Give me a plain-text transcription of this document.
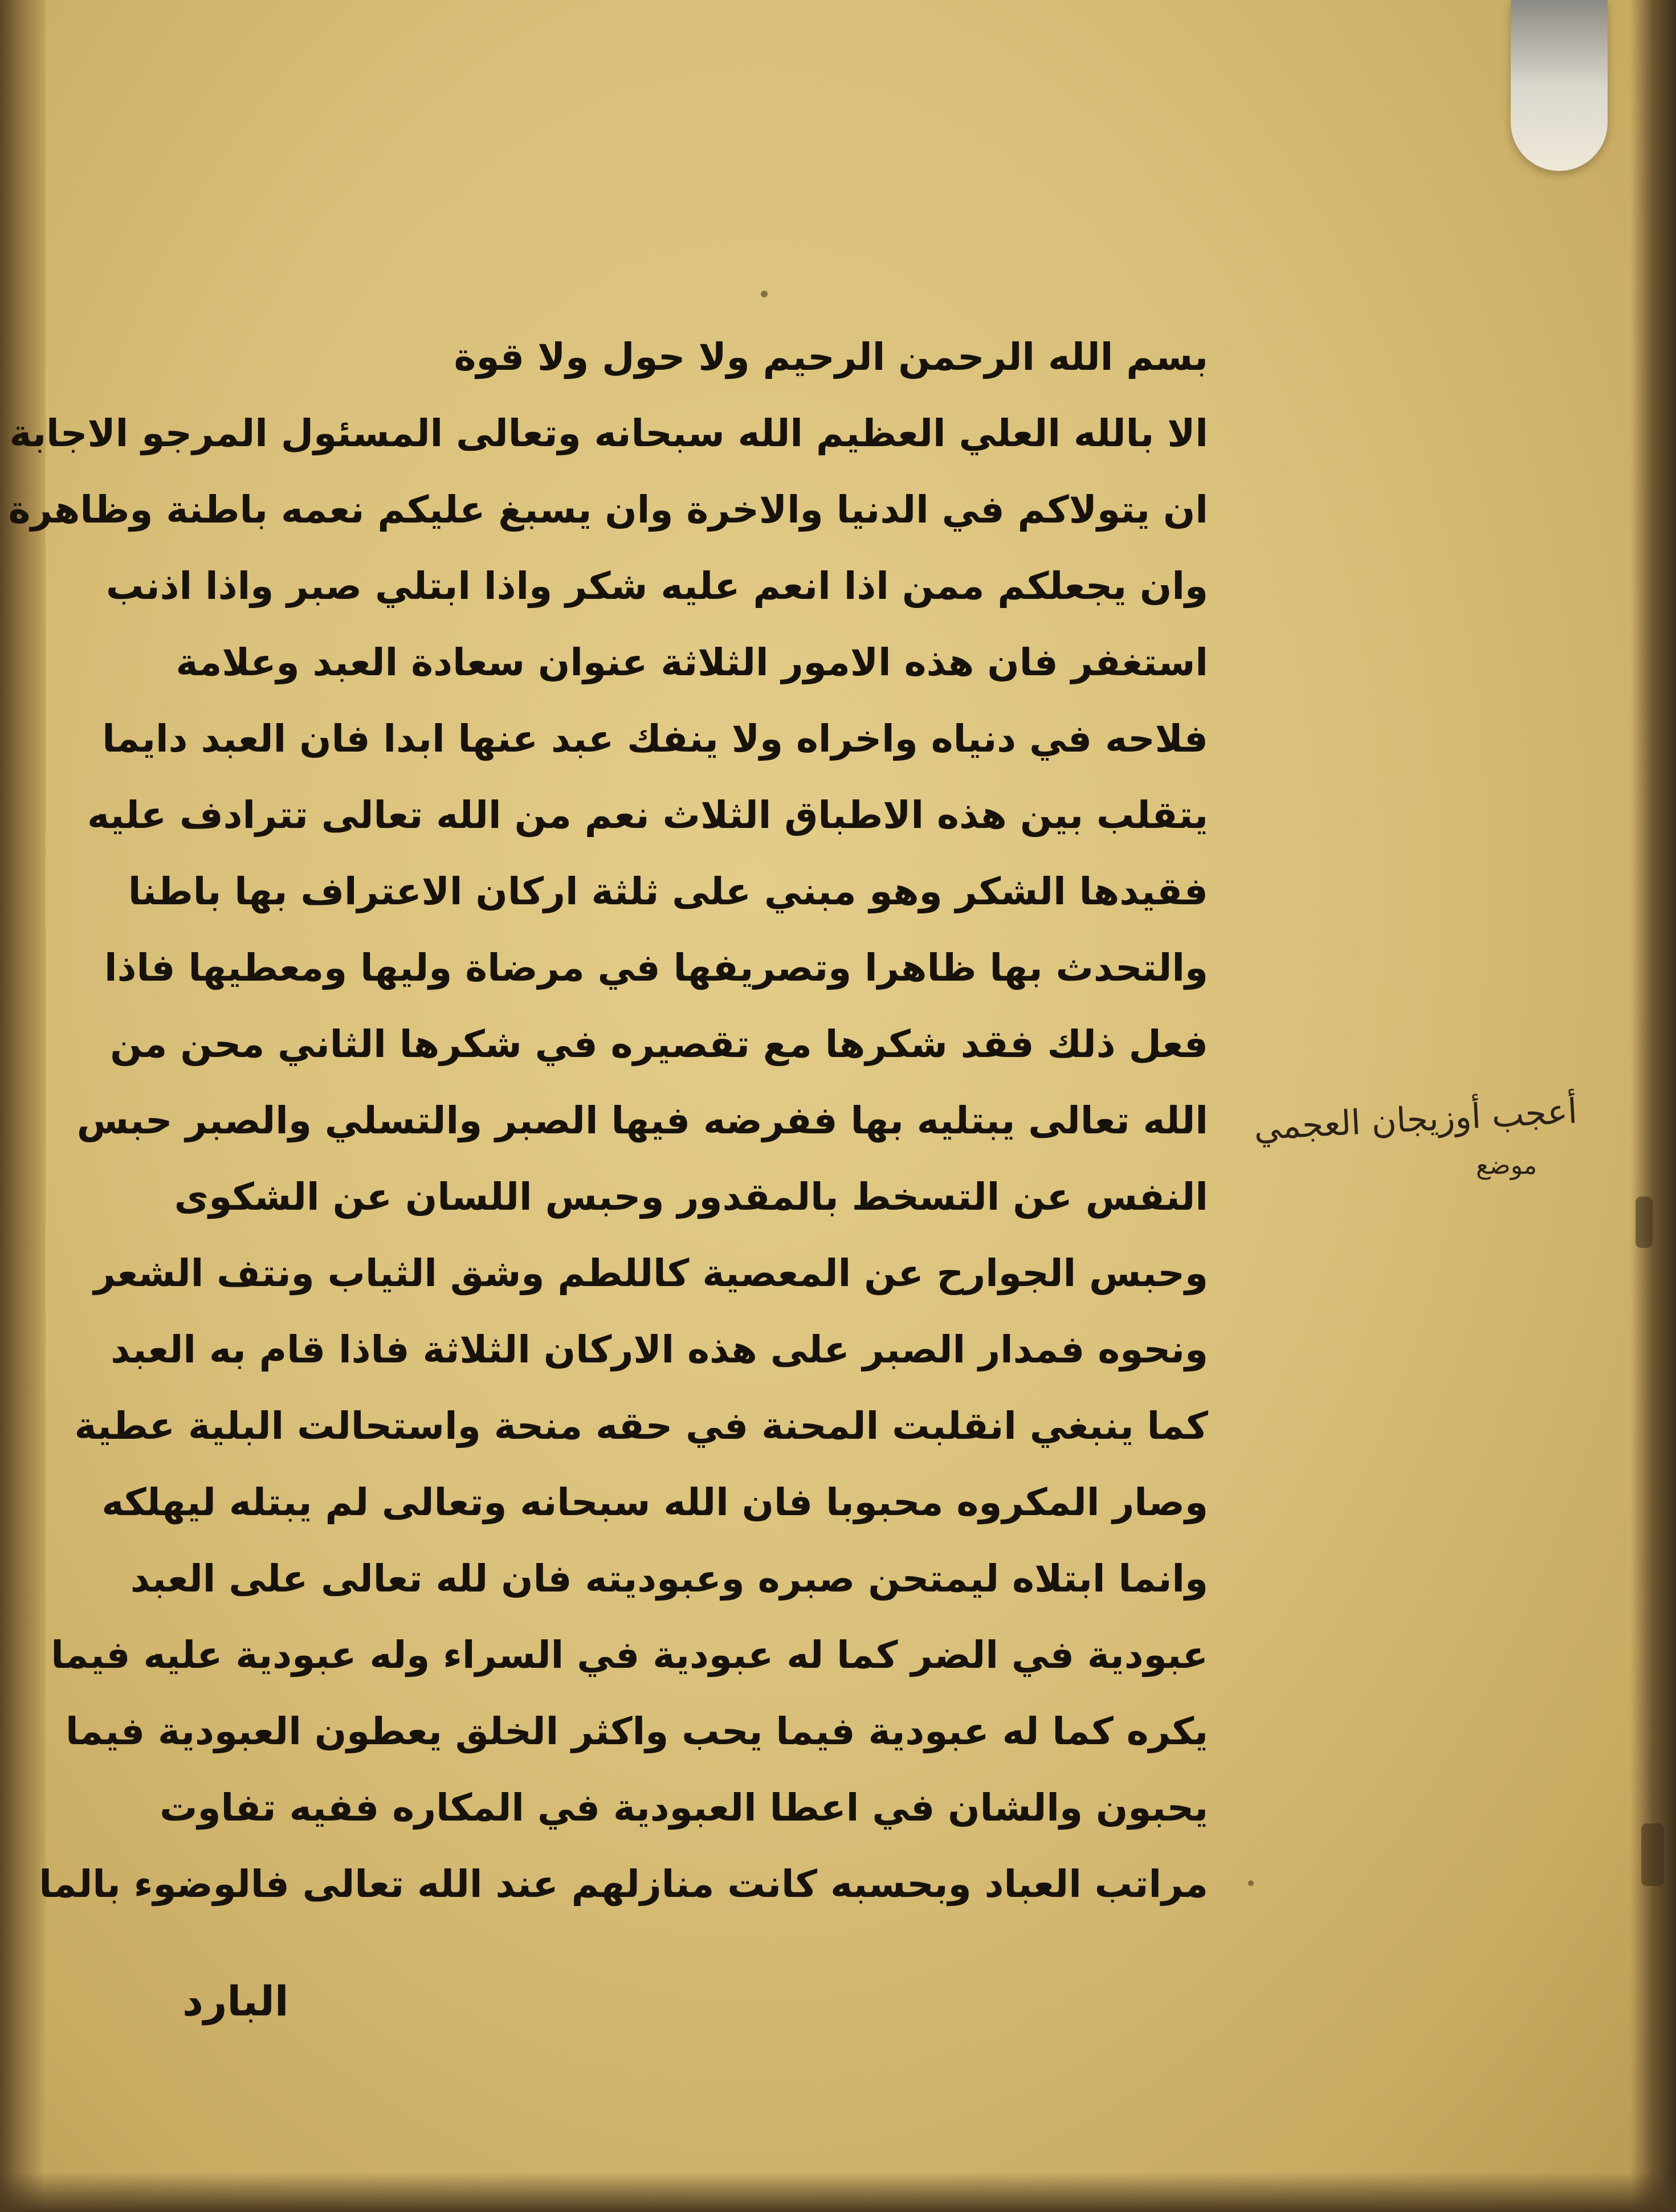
بسم الله الرحمن الرحيم ولا حول ولا قوة
الا بالله العلي العظيم الله سبحانه وتعالى المسئول المرجو الاجابة
ان يتولاكم في الدنيا والاخرة وان يسبغ عليكم نعمه باطنة وظاهرة
وان يجعلكم ممن اذا انعم عليه شكر واذا ابتلي صبر واذا اذنب
استغفر فان هذه الامور الثلاثة عنوان سعادة العبد وعلامة
فلاحه في دنياه واخراه ولا ينفك عبد عنها ابدا فان العبد دايما
يتقلب بين هذه الاطباق الثلاث نعم من الله تعالى تترادف عليه
فقيدها الشكر وهو مبني على ثلثة اركان الاعتراف بها باطنا
والتحدث بها ظاهرا وتصريفها في مرضاة وليها ومعطيها فاذا
فعل ذلك فقد شكرها مع تقصيره في شكرها الثاني محن من
الله تعالى يبتليه بها ففرضه فيها الصبر والتسلي والصبر حبس
النفس عن التسخط بالمقدور وحبس اللسان عن الشكوى
وحبس الجوارح عن المعصية كاللطم وشق الثياب ونتف الشعر
ونحوه فمدار الصبر على هذه الاركان الثلاثة فاذا قام به العبد
كما ينبغي انقلبت المحنة في حقه منحة واستحالت البلية عطية
وصار المكروه محبوبا فان الله سبحانه وتعالى لم يبتله ليهلكه
وانما ابتلاه ليمتحن صبره وعبوديته فان لله تعالى على العبد
عبودية في الضر كما له عبودية في السراء وله عبودية عليه فيما
يكره كما له عبودية فيما يحب واكثر الخلق يعطون العبودية فيما
يحبون والشان في اعطا العبودية في المكاره ففيه تفاوت
مراتب العباد وبحسبه كانت منازلهم عند الله تعالى فالوضوء بالما
البارد
أعجب أوزيجان العجمي
موضع
